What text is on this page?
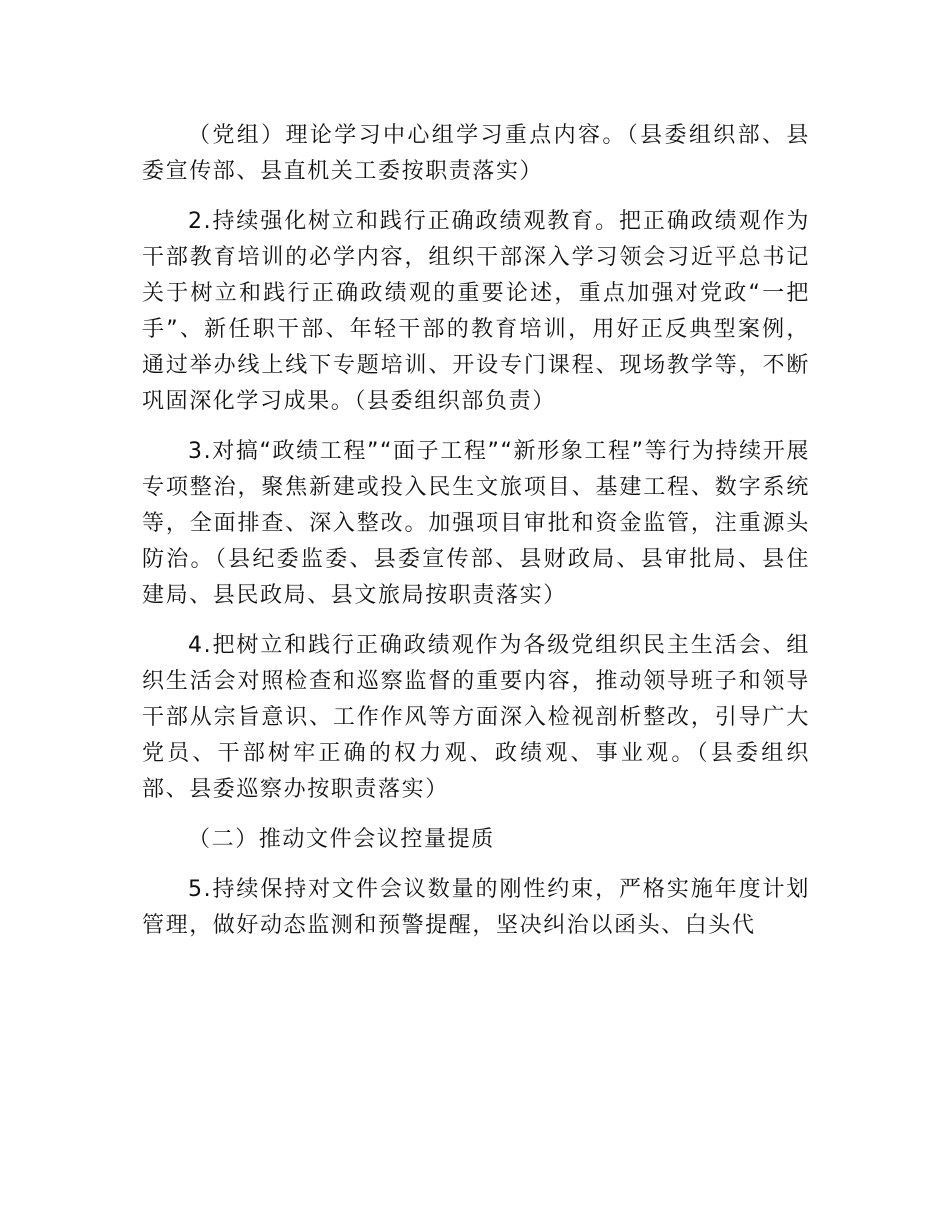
（党组）理论学习中心组学习重点内容。（县委组织部、县委宣传部、县直机关工委按职责落实）

2.持续强化树立和践行正确政绩观教育。把正确政绩观作为干部教育培训的必学内容，组织干部深入学习领会习近平总书记关于树立和践行正确政绩观的重要论述，重点加强对党政“一把手”、新任职干部、年轻干部的教育培训，用好正反典型案例，通过举办线上线下专题培训、开设专门课程、现场教学等，不断巩固深化学习成果。（县委组织部负责）

3.对搞“政绩工程”“面子工程”“新形象工程”等行为持续开展专项整治，聚焦新建或投入民生文旅项目、基建工程、数字系统等，全面排查、深入整改。加强项目审批和资金监管，注重源头防治。（县纪委监委、县委宣传部、县财政局、县审批局、县住建局、县民政局、县文旅局按职责落实）

4.把树立和践行正确政绩观作为各级党组织民主生活会、组织生活会对照检查和巡察监督的重要内容，推动领导班子和领导干部从宗旨意识、工作作风等方面深入检视剖析整改，引导广大党员、干部树牢正确的权力观、政绩观、事业观。（县委组织部、县委巡察办按职责落实）

（二）推动文件会议控量提质

5.持续保持对文件会议数量的刚性约束，严格实施年度计划管理，做好动态监测和预警提醒，坚决纠治以函头、白头代
